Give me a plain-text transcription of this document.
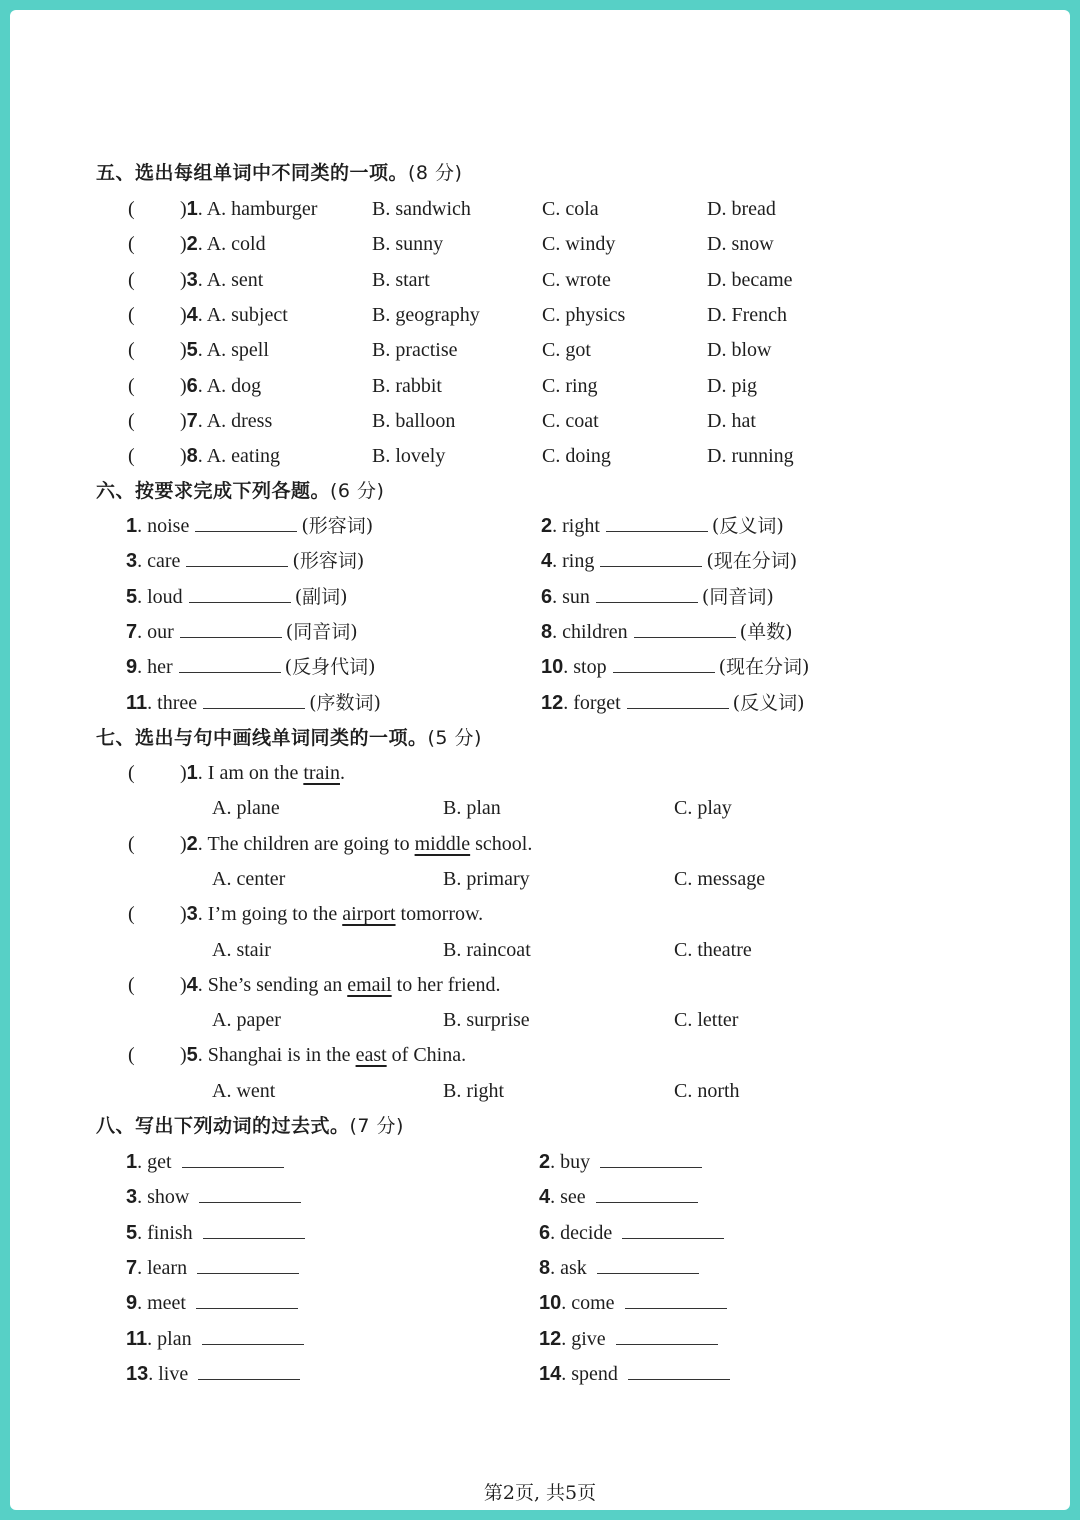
五、选出每组单词中不同类的一项。(8 分)
( )1. A. hamburger	B. sandwich	C. cola	D. bread
( )2. A. cold	B. sunny	C. windy	D. snow
( )3. A. sent	B. start	C. wrote	D. became
( )4. A. subject	B. geography	C. physics	D. French
( )5. A. spell	B. practise	C. got	D. blow
( )6. A. dog	B. rabbit	C. ring	D. pig
( )7. A. dress	B. balloon	C. coat	D. hat
( )8. A. eating	B. lovely	C. doing	D. running
六、按要求完成下列各题。(6 分)
1. noise	(形容词)	2. right	(反义词)
3. care	(形容词)	4. ring	(现在分词)
5. loud	(副词)	6. sun	(同音词)
7. our	(同音词)	8. children	(单数)
9. her	(反身代词)	10. stop	(现在分词)
11. three	(序数词)	12. forget	(反义词)
七、选出与句中画线单词同类的一项。(5 分)
( )1. I am on the train.
A. plane	B. plan	C. play
( )2. The children are going to middle school.
A. center	B. primary	C. message
( )3. I’m going to the airport tomorrow.
A. stair	B. raincoat	C. theatre
( )4. She’s sending an email to her friend.
A. paper	B. surprise	C. letter
( )5. Shanghai is in the east of China.
A. went	B. right	C. north
八、写出下列动词的过去式。(7 分)
1. get	2. buy
3. show	4. see
5. finish	6. decide
7. learn	8. ask
9. meet	10. come
11. plan	12. give
13. live	14. spend
第2页, 共5页
